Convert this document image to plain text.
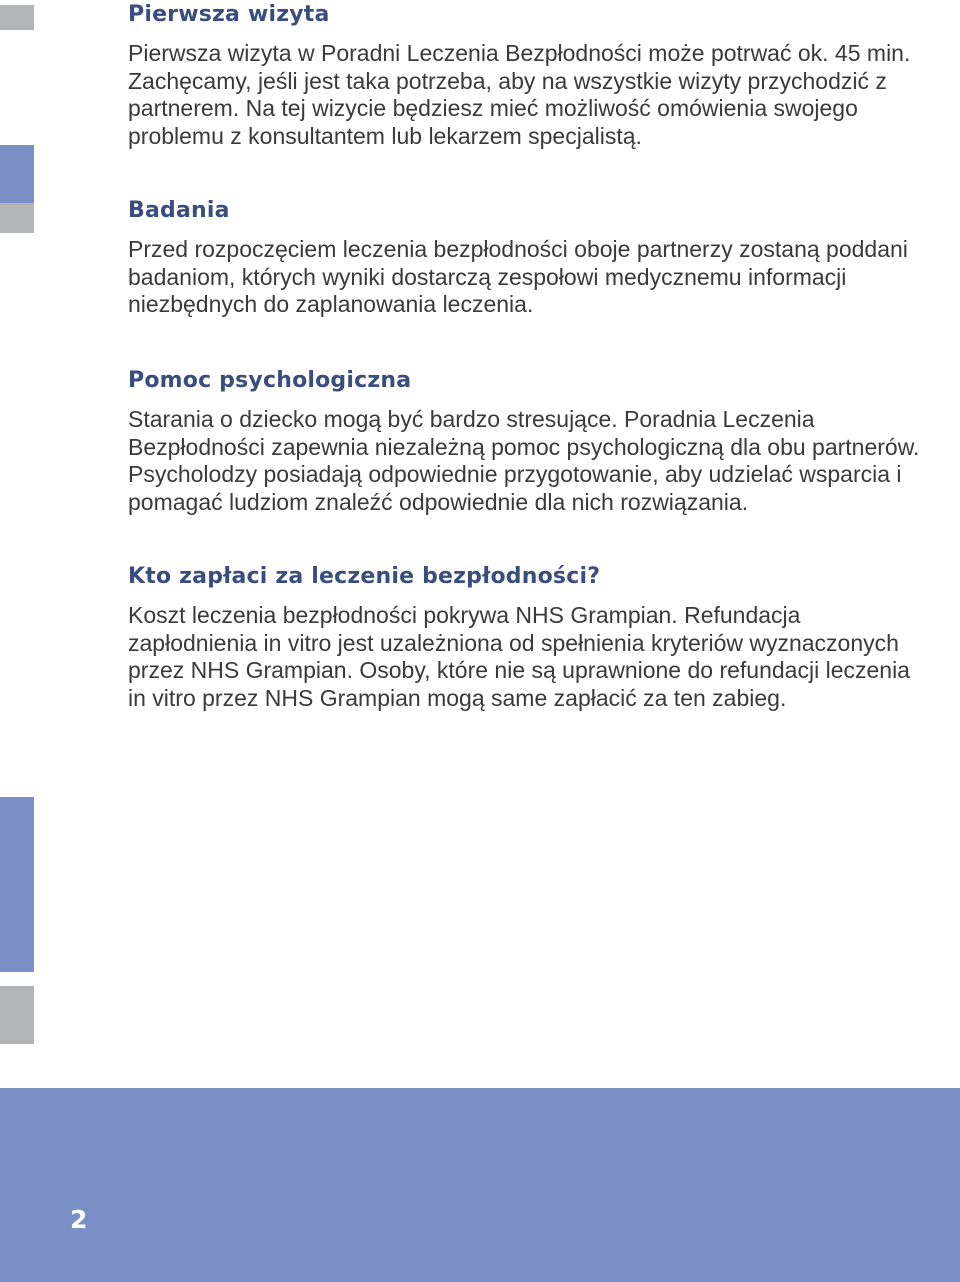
Pierwsza wizyta

Pierwsza wizyta w Poradni Leczenia Bezpłodności może potrwać ok. 45 min. Zachęcamy, jeśli jest taka potrzeba, aby na wszystkie wizyty przychodzić z partnerem. Na tej wizycie będziesz mieć możliwość omówienia swojego problemu z konsultantem lub lekarzem specjalistą.

Badania

Przed rozpoczęciem leczenia bezpłodności oboje partnerzy zostaną poddani badaniom, których wyniki dostarczą zespołowi medycznemu informacji niezbędnych do zaplanowania leczenia.

Pomoc psychologiczna

Starania o dziecko mogą być bardzo stresujące. Poradnia Leczenia Bezpłodności zapewnia niezależną pomoc psychologiczną dla obu partnerów. Psycholodzy posiadają odpowiednie przygotowanie, aby udzielać wsparcia i pomagać ludziom znaleźć odpowiednie dla nich rozwiązania.

Kto zapłaci za leczenie bezpłodności?

Koszt leczenia bezpłodności pokrywa NHS Grampian. Refundacja zapłodnienia in vitro jest uzależniona od spełnienia kryteriów wyznaczonych przez NHS Grampian. Osoby, które nie są uprawnione do refundacji leczenia in vitro przez NHS Grampian mogą same zapłacić za ten zabieg.

2
